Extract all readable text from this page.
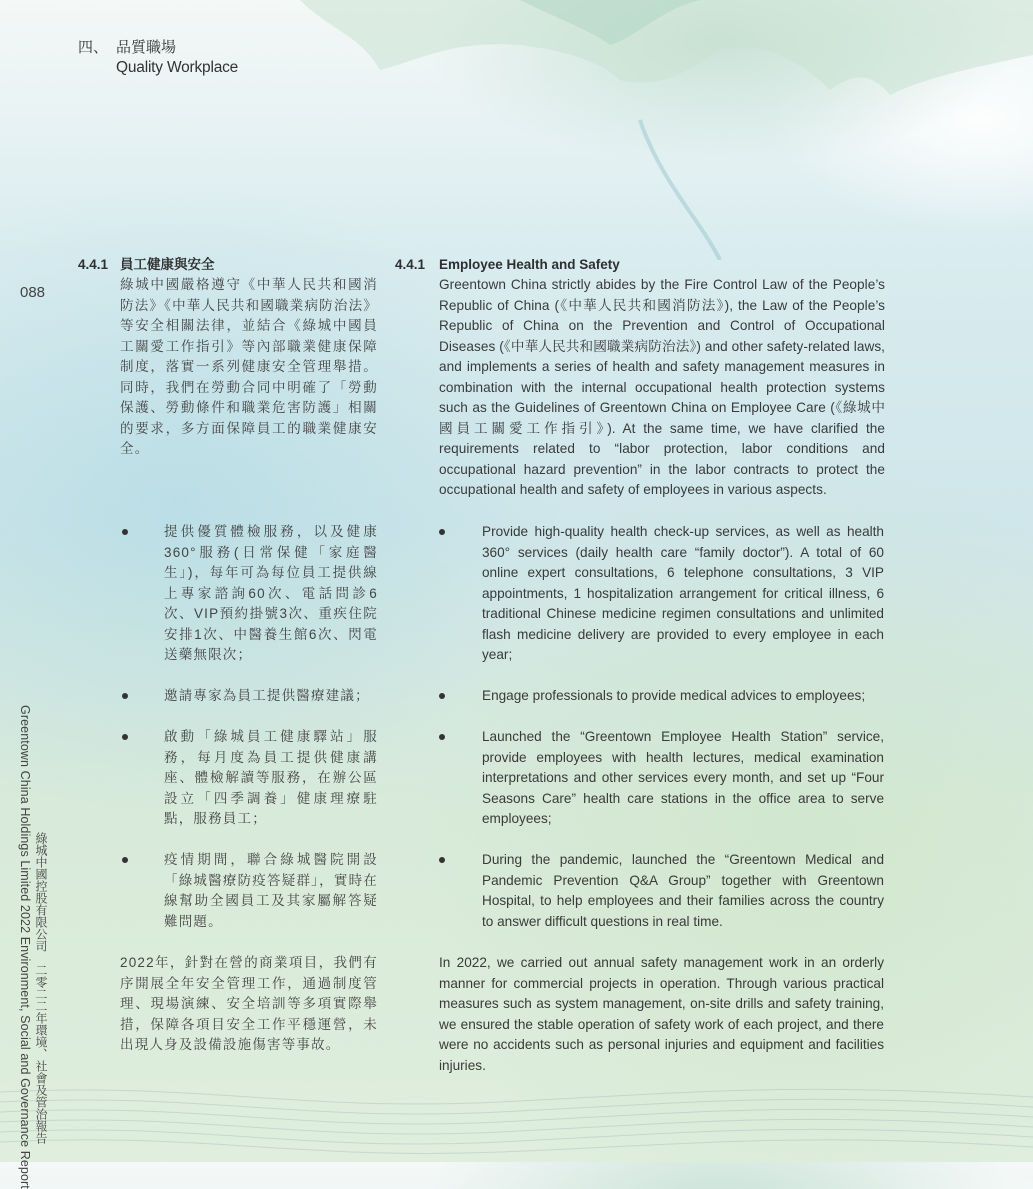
四、 品質職場
Quality Workplace
088
Greentown China Holdings Limited 2022 Environment, Social and Governance Report 綠城中國控股有限公司　二零二二年環境、社會及管治報告
4.4.1 員工健康與安全
綠城中國嚴格遵守《中華人民共和國消防法》《中華人民共和國職業病防治法》等安全相關法律，並結合《綠城中國員工關愛工作指引》等內部職業健康保障制度，落實一系列健康安全管理舉措。同時，我們在勞動合同中明確了「勞動保護、勞動條件和職業危害防護」相關的要求，多方面保障員工的職業健康安全。
提供優質體檢服務，以及健康360°服務(日常保健「家庭醫生」)，每年可為每位員工提供線上專家諮詢60次、電話問診6次、VIP預約掛號3次、重疾住院安排1次、中醫養生館6次、閃電送藥無限次；
邀請專家為員工提供醫療建議；
啟動「綠城員工健康驛站」服務，每月度為員工提供健康講座、體檢解讀等服務，在辦公區設立「四季調養」健康理療駐點，服務員工；
疫情期間，聯合綠城醫院開設「綠城醫療防疫答疑群」，實時在線幫助全國員工及其家屬解答疑難問題。
2022年，針對在營的商業項目，我們有序開展全年安全管理工作，通過制度管理、現場演練、安全培訓等多項實際舉措，保障各項目安全工作平穩運營，未出現人身及設備設施傷害等事故。
4.4.1	Employee Health and Safety
Greentown China strictly abides by the Fire Control Law of the People’s Republic of China (《中華人民共和國消防法》), the Law of the People’s Republic of China on the Prevention and Control of Occupational Diseases (《中華人民共和國職業病防治法》) and other safety-related laws, and implements a series of health and safety management measures in combination with the internal occupational health protection systems such as the Guidelines of Greentown China on Employee Care (《綠城中國員工關愛工作指引》). At the same time, we have clarified the requirements related to “labor protection, labor conditions and occupational hazard prevention” in the labor contracts to protect the occupational health and safety of employees in various aspects.
Provide high-quality health check-up services, as well as health 360° services (daily health care “family doctor”). A total of 60 online expert consultations, 6 telephone consultations, 3 VIP appointments, 1 hospitalization arrangement for critical illness, 6 traditional Chinese medicine regimen consultations and unlimited flash medicine delivery are provided to every employee in each year;
Engage professionals to provide medical advices to employees;
Launched the “Greentown Employee Health Station” service, provide employees with health lectures, medical examination interpretations and other services every month, and set up “Four Seasons Care” health care stations in the office area to serve employees;
During the pandemic, launched the “Greentown Medical and Pandemic Prevention Q&A Group” together with Greentown Hospital, to help employees and their families across the country to answer difficult questions in real time.
In 2022, we carried out annual safety management work in an orderly manner for commercial projects in operation. Through various practical measures such as system management, on-site drills and safety training, we ensured the stable operation of safety work of each project, and there were no accidents such as personal injuries and equipment and facilities injuries.
